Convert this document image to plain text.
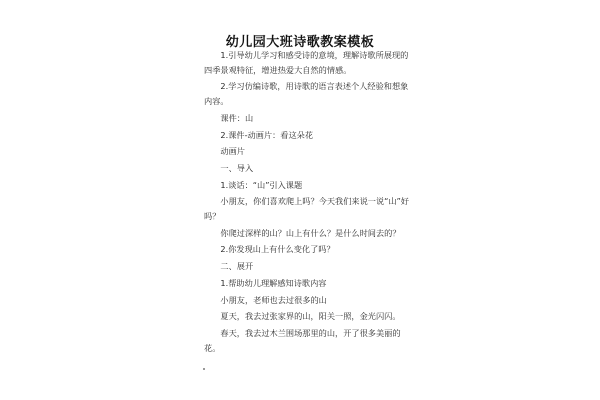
幼儿园大班诗歌教案模板

1.引导幼儿学习和感受诗的意境，理解诗歌所展现的四季景观特征，增进热爱大自然的情感。

2.学习仿编诗歌，用诗歌的语言表述个人经验和想象内容。

课件：山

2.课件-动画片：看这朵花

动画片

一、导入

1.谈话：“山”引入课题

小朋友，你们喜欢爬上吗？今天我们来说一说“山”好吗？

你爬过深样的山？山上有什么？是什么时间去的？

2.你发现山上有什么变化了吗？

二、展开

1.帮助幼儿理解感知诗歌内容

小朋友，老师也去过很多的山

夏天，我去过张家界的山，阳关一照，金光闪闪。

春天，我去过木兰围场那里的山，开了很多美丽的花。
